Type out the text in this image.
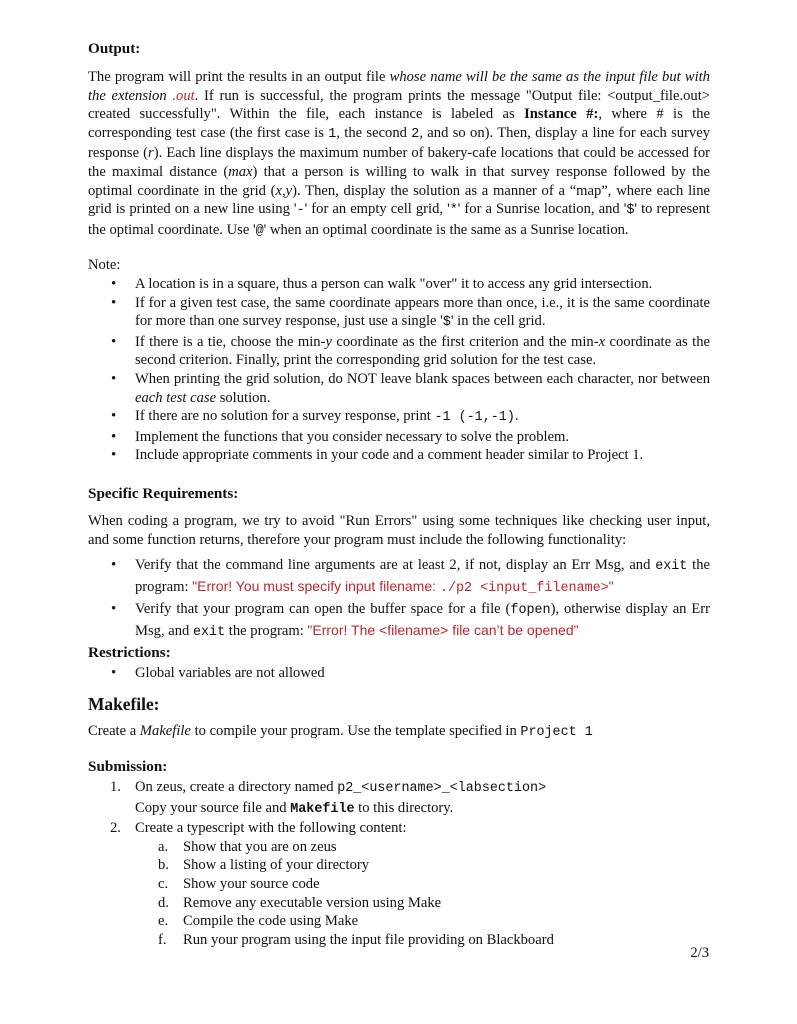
Output:
The program will print the results in an output file whose name will be the same as the input file but with the extension .out. If run is successful, the program prints the message "Output file: <output_file.out> created successfully". Within the file, each instance is labeled as Instance #:, where # is the corresponding test case (the first case is 1, the second 2, and so on). Then, display a line for each survey response (r). Each line displays the maximum number of bakery-cafe locations that could be accessed for the maximal distance (max) that a person is willing to walk in that survey response followed by the optimal coordinate in the grid (x,y). Then, display the solution as a manner of a “map”, where each line grid is printed on a new line using '-' for an empty cell grid, '*' for a Sunrise location, and '$' to represent the optimal coordinate. Use '@' when an optimal coordinate is the same as a Sunrise location.
Note:
• A location is in a square, thus a person can walk "over" it to access any grid intersection.
• If for a given test case, the same coordinate appears more than once, i.e., it is the same coordinate for more than one survey response, just use a single '$' in the cell grid.
• If there is a tie, choose the min-y coordinate as the first criterion and the min-x coordinate as the second criterion. Finally, print the corresponding grid solution for the test case.
• When printing the grid solution, do NOT leave blank spaces between each character, nor between each test case solution.
• If there are no solution for a survey response, print -1 (-1,-1).
• Implement the functions that you consider necessary to solve the problem.
• Include appropriate comments in your code and a comment header similar to Project 1.
Specific Requirements:
When coding a program, we try to avoid "Run Errors" using some techniques like checking user input, and some function returns, therefore your program must include the following functionality:
• Verify that the command line arguments are at least 2, if not, display an Err Msg, and exit the program: "Error! You must specify input filename: ./p2 <input_filename>"
• Verify that your program can open the buffer space for a file (fopen), otherwise display an Err Msg, and exit the program: "Error! The <filename> file can’t be opened”
Restrictions:
• Global variables are not allowed
Makefile:
Create a Makefile to compile your program. Use the template specified in Project 1
Submission:
1. On zeus, create a directory named p2_<username>_<labsection>
Copy your source file and Makefile to this directory.
2. Create a typescript with the following content:
a. Show that you are on zeus
b. Show a listing of your directory
c. Show your source code
d. Remove any executable version using Make
e. Compile the code using Make
f. Run your program using the input file providing on Blackboard
2/3
